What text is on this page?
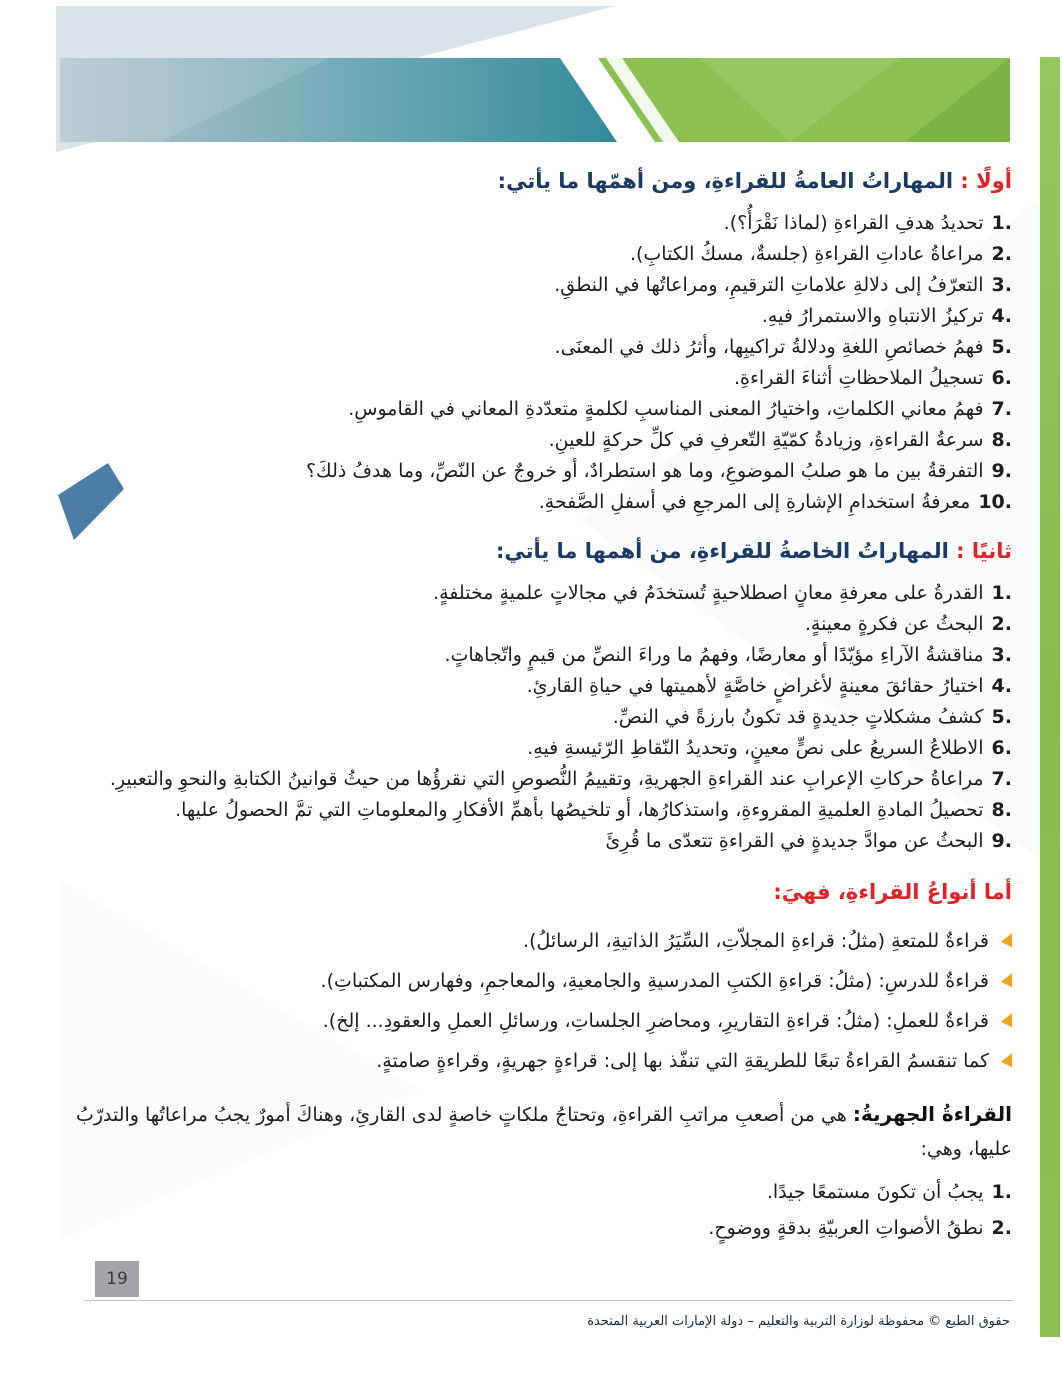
أولًا : المهاراتُ العامةُ للقراءةِ، ومن أهمّها ما يأتي:
1.
تحديدُ هدفِ القراءةِ (لماذا نَقْرَأُ؟).
2.
مراعاةُ عاداتِ القراءةِ (جلسةٌ، مسكُ الكتابِ).
3.
التعرّفُ إلى دلالةِ علاماتِ الترقيمِ، ومراعاتُها في النطقِ.
4.
تركيزُ الانتباهِ والاستمرارُ فيهِ.
5.
فهمُ خصائصِ اللغةِ ودلالةُ تراكيبِها، وأثرُ ذلك في المعنَى.
6.
تسجيلُ الملاحظاتِ أثناءَ القراءةِ.
7.
فهمُ معاني الكلماتِ، واختيارُ المعنى المناسبِ لكلمةٍ متعدّدةِ المعاني في القاموسِ.
8.
سرعةُ القراءةِ، وزيادةُ كمّيّةِ التّعرفِ في كلِّ حركةٍ للعينِ.
9.
التفرقةُ بين ما هو صلبُ الموضوعِ، وما هو استطرادٌ، أو خروجٌ عن النّصِّ، وما هدفُ ذلكَ؟
10.
معرفةُ استخدامِ الإشارةِ إلى المرجعِ في أسفلِ الصَّفحةِ.
ثانيًا : المهاراتُ الخاصةُ للقراءةِ، من أهمها ما يأتي:
1.
القدرةُ على معرفةِ معانٍ اصطلاحيةٍ تُستخدَمُ في مجالاتٍ علميةٍ مختلفةٍ.
2.
البحثُ عن فكرةٍ معينةٍ.
3.
مناقشةُ الآراءِ مؤيّدًا أو معارضًا، وفهمُ ما وراءَ النصِّ من قيمٍ واتّجاهاتٍ.
4.
اختيارُ حقائقَ معينةٍ لأغراضٍ خاصَّةٍ لأهميتها في حياةِ القارئِ.
5.
كشفُ مشكلاتٍ جديدةٍ قد تكونُ بارزةً في النصِّ.
6.
الاطلاعُ السريعُ على نصٍّ معينٍ، وتحديدُ النّقاطِ الرّئيسةِ فيهِ.
7.
مراعاةُ حركاتِ الإعرابِ عند القراءةِ الجهريةِ، وتقييمُ النُّصوصِ التي نقرؤُها من حيثُ قوانينُ الكتابةِ والنحوِ والتعبيرِ.
8.
تحصيلُ المادةِ العلميةِ المقروءةِ، واستذكارُها، أو تلخيصُها بأهمِّ الأفكارِ والمعلوماتِ التي تمَّ الحصولُ عليها.
9.
البحثُ عن موادَّ جديدةٍ في القراءةِ تتعدّى ما قُرِئَ
أما أنواعُ القراءةِ، فهيَ:
قراءةٌ للمتعةِ (مثلُ: قراءةِ المجلاّتِ، السِّيَرُ الذاتيةِ، الرسائلُ).
قراءةٌ للدرسِ: (مثلُ: قراءةِ الكتبِ المدرسيةِ والجامعيةِ، والمعاجمِ، وفهارس المكتباتِ).
قراءةٌ للعملِ: (مثلُ: قراءةِ التقاريرِ، ومحاضرِ الجلساتِ، ورسائلِ العملِ والعقودِ... إلخ).
كما تنقسمُ القراءةُ تبعًا للطريقةِ التي تنفّذ بها إلى: قراءةٍ جهريةٍ، وقراءةٍ صامتةٍ.

القراءةُ الجهريةُ: هي من أصعبِ مراتبِ القراءةِ، وتحتاجُ ملكاتٍ خاصةٍ لدى القارئِ، وهناكَ أمورٌ يجبُ مراعاتُها والتدرّبُ عليها، وهي:

1.
يجبُ أن تكونَ مستمعًا جيدًا.
2.
نطقُ الأصواتِ العربيّةِ بدقةٍ ووضوحٍ.
19
حقوق الطبع © محفوظة لوزارة التربية والتعليم – دولة الإمارات العربية المتحدة
